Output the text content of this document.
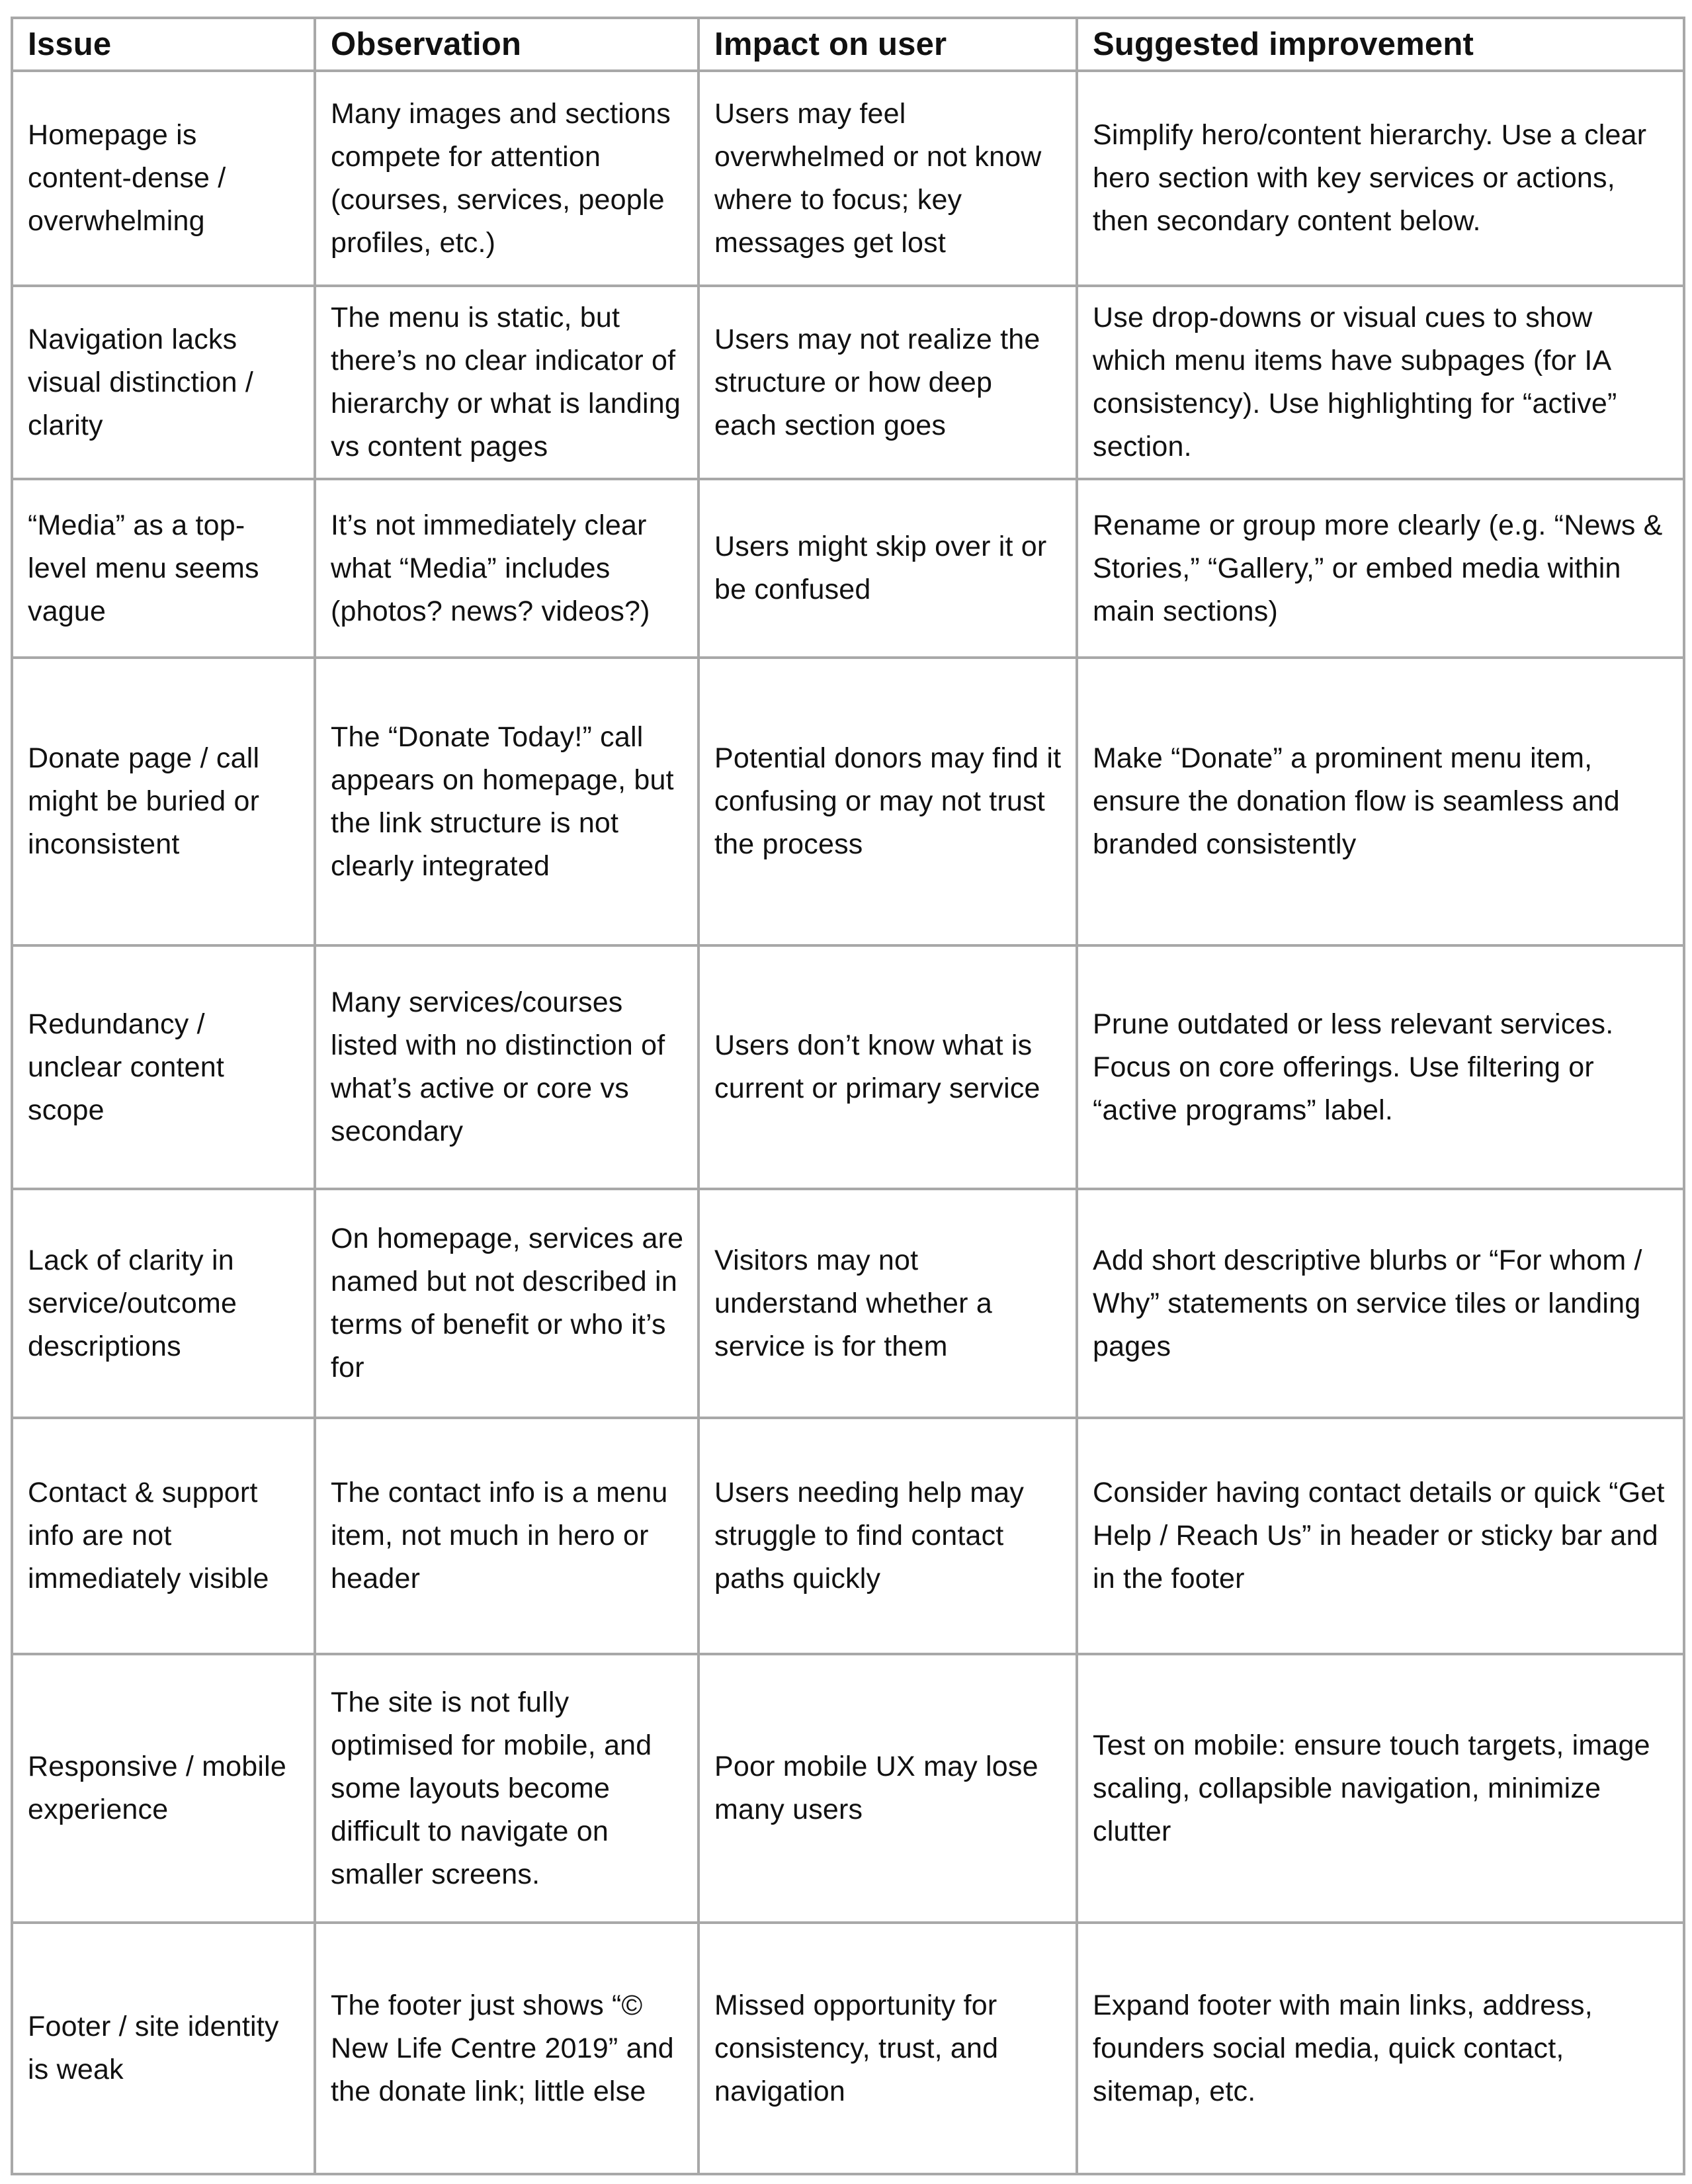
Issue	Observation	Impact on user	Suggested improvement
Homepage is content-dense / overwhelming	Many images and sections compete for attention (courses, services, people profiles, etc.)	Users may feel overwhelmed or not know where to focus; key messages get lost	Simplify hero/content hierarchy. Use a clear hero section with key services or actions, then secondary content below.
Navigation lacks visual distinction / clarity	The menu is static, but there’s no clear indicator of hierarchy or what is landing vs content pages	Users may not realize the structure or how deep each section goes	Use drop-downs or visual cues to show which menu items have subpages (for IA consistency). Use highlighting for “active” section.
“Media” as a top-level menu seems vague	It’s not immediately clear what “Media” includes (photos? news? videos?)	Users might skip over it or be confused	Rename or group more clearly (e.g. “News & Stories,” “Gallery,” or embed media within main sections)
Donate page / call might be buried or inconsistent	The “Donate Today!” call appears on homepage, but the link structure is not clearly integrated	Potential donors may find it confusing or may not trust the process	Make “Donate” a prominent menu item, ensure the donation flow is seamless and branded consistently
Redundancy / unclear content scope	Many services/courses listed with no distinction of what’s active or core vs secondary	Users don’t know what is current or primary service	Prune outdated or less relevant services. Focus on core offerings. Use filtering or “active programs” label.
Lack of clarity in service/outcome descriptions	On homepage, services are named but not described in terms of benefit or who it’s for	Visitors may not understand whether a service is for them	Add short descriptive blurbs or “For whom / Why” statements on service tiles or landing pages
Contact & support info are not immediately visible	The contact info is a menu item, not much in hero or header	Users needing help may struggle to find contact paths quickly	Consider having contact details or quick “Get Help / Reach Us” in header or sticky bar and in the footer
Responsive / mobile experience	The site is not fully optimised for mobile, and some layouts become difficult to navigate on smaller screens.	Poor mobile UX may lose many users	Test on mobile: ensure touch targets, image scaling, collapsible navigation, minimize clutter
Footer / site identity is weak	The footer just shows “© New Life Centre 2019” and the donate link; little else	Missed opportunity for consistency, trust, and navigation	Expand footer with main links, address, founders social media, quick contact, sitemap, etc.
